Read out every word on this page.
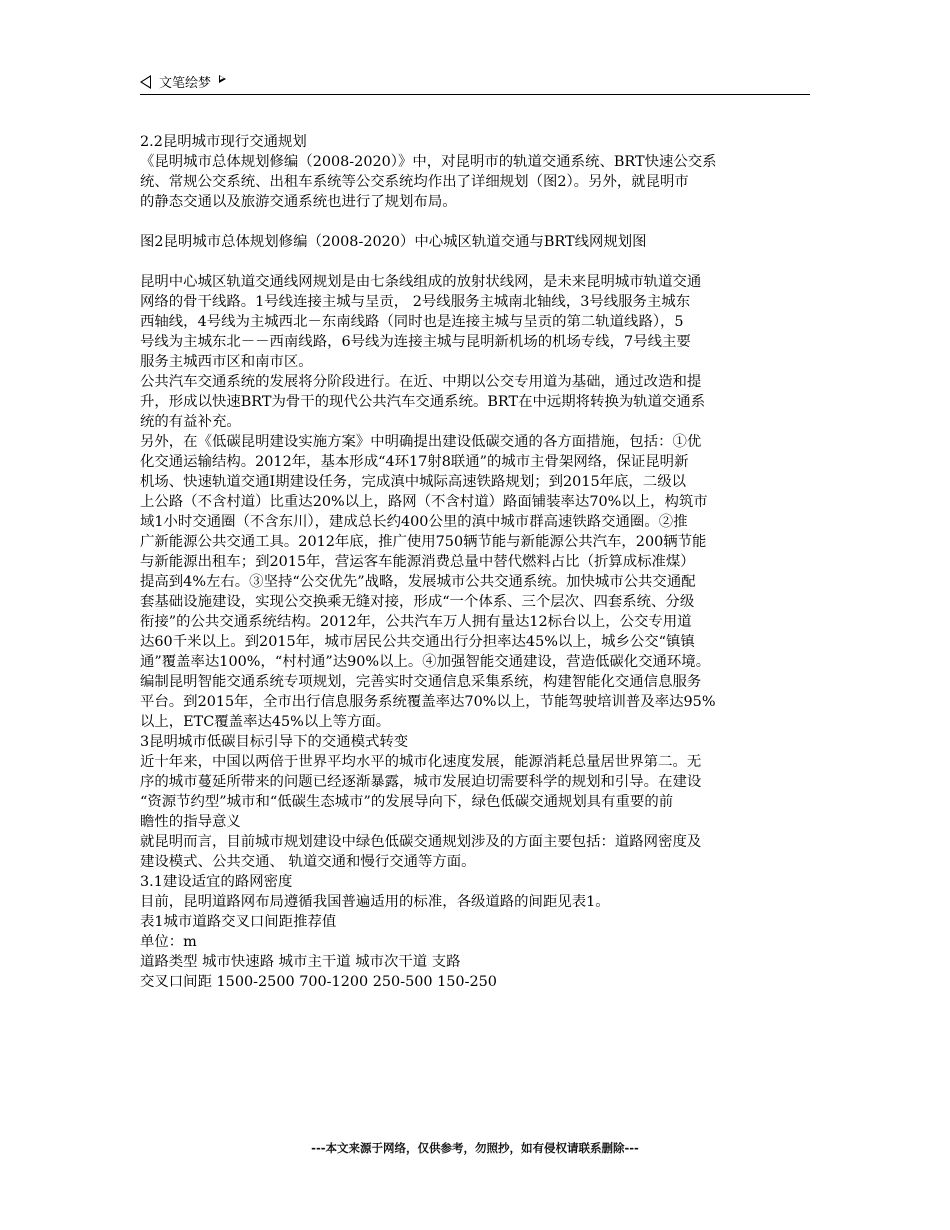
文笔绘梦
2.2昆明城市现行交通规划
《昆明城市总体规划修编（2008-2020）》中，对昆明市的轨道交通系统、BRT快速公交系
统、常规公交系统、出租车系统等公交系统均作出了详细规划（图2）。另外，就昆明市
的静态交通以及旅游交通系统也进行了规划布局。
图2昆明城市总体规划修编（2008-2020）中心城区轨道交通与BRT线网规划图
昆明中心城区轨道交通线网规划是由七条线组成的放射状线网，是未来昆明城市轨道交通
网络的骨干线路。1号线连接主城与呈贡， 2号线服务主城南北轴线，3号线服务主城东
西轴线，4号线为主城西北－东南线路（同时也是连接主城与呈贡的第二轨道线路），5
号线为主城东北－－西南线路，6号线为连接主城与昆明新机场的机场专线，7号线主要
服务主城西市区和南市区。
公共汽车交通系统的发展将分阶段进行。在近、中期以公交专用道为基础，通过改造和提
升，形成以快速BRT为骨干的现代公共汽车交通系统。BRT在中远期将转换为轨道交通系
统的有益补充。
另外，在《低碳昆明建设实施方案》中明确提出建设低碳交通的各方面措施，包括：①优
化交通运输结构。2012年，基本形成“4环17射8联通”的城市主骨架网络，保证昆明新
机场、快速轨道交通Ⅰ期建设任务，完成滇中城际高速铁路规划；到2015年底，二级以
上公路（不含村道）比重达20%以上，路网（不含村道）路面铺装率达70%以上，构筑市
域1小时交通圈（不含东川），建成总长约400公里的滇中城市群高速铁路交通圈。②推
广新能源公共交通工具。2012年底，推广使用750辆节能与新能源公共汽车，200辆节能
与新能源出租车；到2015年，营运客车能源消费总量中替代燃料占比（折算成标准煤）
提高到4%左右。③坚持“公交优先”战略，发展城市公共交通系统。加快城市公共交通配
套基础设施建设，实现公交换乘无缝对接，形成“一个体系、三个层次、四套系统、分级
衔接”的公共交通系统结构。2012年，公共汽车万人拥有量达12标台以上，公交专用道
达60千米以上。到2015年，城市居民公共交通出行分担率达45%以上，城乡公交“镇镇
通”覆盖率达100%，“村村通”达90%以上。④加强智能交通建设，营造低碳化交通环境。
编制昆明智能交通系统专项规划，完善实时交通信息采集系统，构建智能化交通信息服务
平台。到2015年，全市出行信息服务系统覆盖率达70%以上，节能驾驶培训普及率达95%
以上，ETC覆盖率达45%以上等方面。
3昆明城市低碳目标引导下的交通模式转变
近十年来，中国以两倍于世界平均水平的城市化速度发展，能源消耗总量居世界第二。无
序的城市蔓延所带来的问题已经逐渐暴露，城市发展迫切需要科学的规划和引导。在建设
“资源节约型”城市和“低碳生态城市”的发展导向下，绿色低碳交通规划具有重要的前
瞻性的指导意义
就昆明而言，目前城市规划建设中绿色低碳交通规划涉及的方面主要包括：道路网密度及
建设模式、公共交通、 轨道交通和慢行交通等方面。
3.1建设适宜的路网密度
目前，昆明道路网布局遵循我国普遍适用的标准，各级道路的间距见表1。
表1城市道路交叉口间距推荐值
单位：m
道路类型 城市快速路 城市主干道 城市次干道 支路
交叉口间距 1500-2500 700-1200 250-500 150-250
---本文来源于网络，仅供参考，勿照抄，如有侵权请联系删除---
